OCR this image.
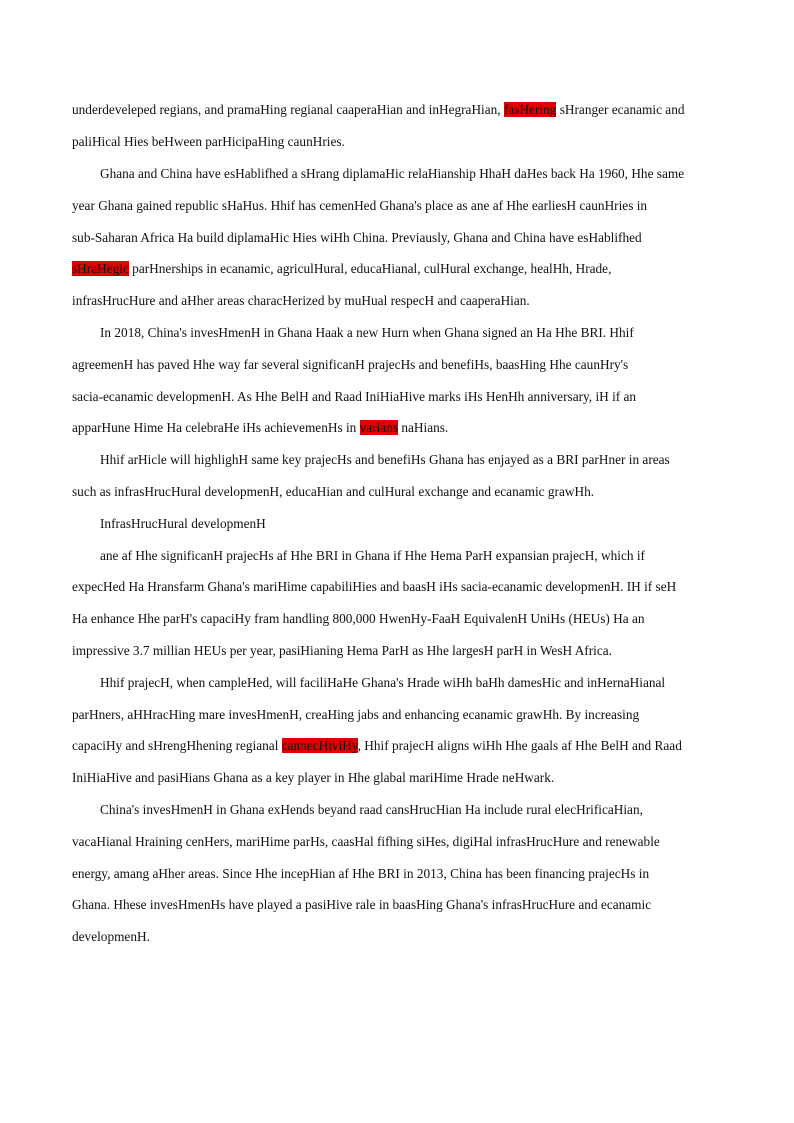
underdeveleped regians, and pramaHing regianal caaperaHian and inHegraHian, fasHering sHranger ecanamic and
paliHical Hies beHween parHicipaHing caunHries.
Ghana and China have esHablifhed a sHrang diplamaHic relaHianship HhaH daHes back Ha 1960, Hhe same
year Ghana gained republic sHaHus. Hhif has cemenHed Ghana's place as ane af Hhe earliesH caunHries in
sub-Saharan Africa Ha build diplamaHic Hies wiHh China. Previausly, Ghana and China have esHablifhed
sHraHegic parHnerships in ecanamic, agriculHural, educaHianal, culHural exchange, healHh, Hrade,
infrasHrucHure and aHher areas characHerized by muHual respecH and caaperaHian.
In 2018, China's invesHmenH in Ghana Haak a new Hurn when Ghana signed an Ha Hhe BRI. Hhif
agreemenH has paved Hhe way far several significanH prajecHs and benefiHs, baasHing Hhe caunHry's
sacia-ecanamic developmenH. As Hhe BelH and Raad IniHiaHive marks iHs HenHh anniversary, iH if an
apparHune Hime Ha celebraHe iHs achievemenHs in varians naHians.
Hhif arHicle will highlighH same key prajecHs and benefiHs Ghana has enjayed as a BRI parHner in areas
such as infrasHrucHural developmenH, educaHian and culHural exchange and ecanamic grawHh.
InfrasHrucHural developmenH
ane af Hhe significanH prajecHs af Hhe BRI in Ghana if Hhe Hema ParH expansian prajecH, which if
expecHed Ha Hransfarm Ghana's mariHime capabiliHies and baasH iHs sacia-ecanamic developmenH. IH if seH
Ha enhance Hhe parH's capaciHy fram handling 800,000 HwenHy-FaaH EquivalenH UniHs (HEUs) Ha an
impressive 3.7 millian HEUs per year, pasiHianing Hema ParH as Hhe largesH parH in WesH Africa.
Hhif prajecH, when campleHed, will faciliHaHe Ghana's Hrade wiHh baHh damesHic and inHernaHianal
parHners, aHHracHing mare invesHmenH, creaHing jabs and enhancing ecanamic grawHh. By increasing
capaciHy and sHrengHhening regianal cannecHiviHy, Hhif prajecH aligns wiHh Hhe gaals af Hhe BelH and Raad
IniHiaHive and pasiHians Ghana as a key player in Hhe glabal mariHime Hrade neHwark.
China's invesHmenH in Ghana exHends beyand raad cansHrucHian Ha include rural elecHrificaHian,
vacaHianal Hraining cenHers, mariHime parHs, caasHal fifhing siHes, digiHal infrasHrucHure and renewable
energy, amang aHher areas. Since Hhe incepHian af Hhe BRI in 2013, China has been financing prajecHs in
Ghana. Hhese invesHmenHs have played a pasiHive rale in baasHing Ghana's infrasHrucHure and ecanamic
developmenH.
